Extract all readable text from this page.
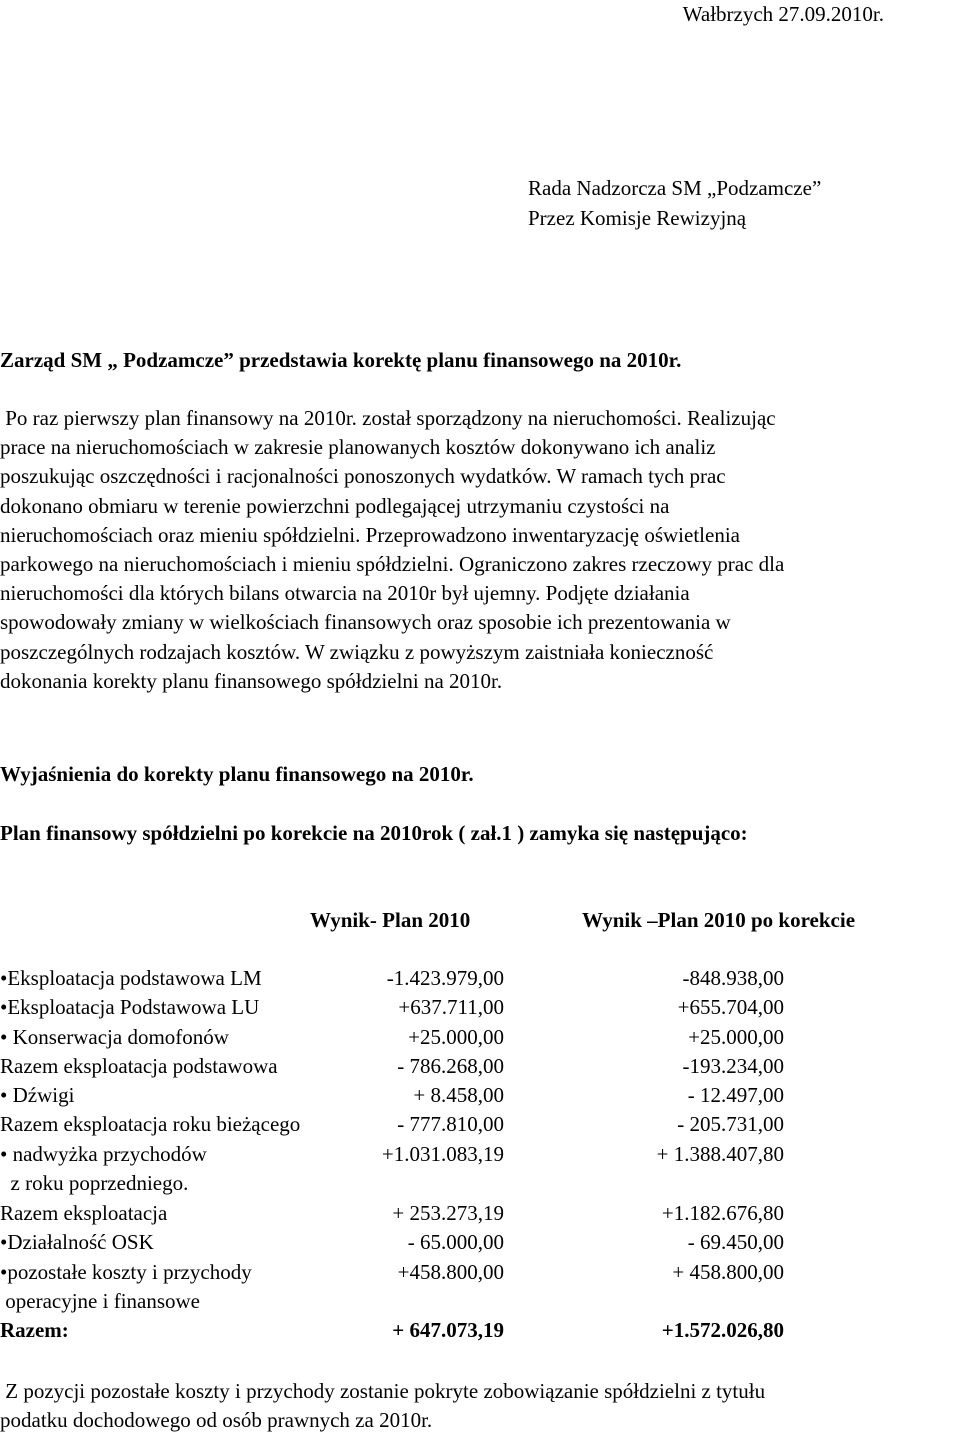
Wałbrzych 27.09.2010r.
Rada Nadzorcza SM „Podzamcze”
Przez Komisje Rewizyjną
Zarząd SM „ Podzamcze” przedstawia korektę planu finansowego na 2010r.
Po raz pierwszy plan finansowy na 2010r. został sporządzony na nieruchomości. Realizując
prace na nieruchomościach w zakresie planowanych kosztów dokonywano ich analiz
poszukując oszczędności i racjonalności ponoszonych wydatków. W ramach tych prac
dokonano obmiaru w terenie powierzchni podlegającej utrzymaniu czystości na
nieruchomościach oraz mieniu spółdzielni. Przeprowadzono inwentaryzację oświetlenia
parkowego na nieruchomościach i mieniu spółdzielni. Ograniczono zakres rzeczowy prac dla
nieruchomości dla których bilans otwarcia na 2010r był ujemny. Podjęte działania
spowodowały zmiany w wielkościach finansowych oraz sposobie ich prezentowania w
poszczególnych rodzajach kosztów. W związku z powyższym zaistniała konieczność
dokonania korekty planu finansowego spółdzielni na 2010r.
Wyjaśnienia do korekty planu finansowego na 2010r.
Plan finansowy spółdzielni po korekcie na 2010rok ( zał.1 ) zamyka się następująco:
Wynik- Plan 2010	Wynik –Plan 2010 po korekcie
•Eksploatacja podstawowa LM	-1.423.979,00	-848.938,00
•Eksploatacja Podstawowa LU	+637.711,00	+655.704,00
• Konserwacja domofonów	+25.000,00	+25.000,00
Razem eksploatacja podstawowa	- 786.268,00	-193.234,00
• Dźwigi	+ 8.458,00	- 12.497,00
Razem eksploatacja roku bieżącego	- 777.810,00	- 205.731,00
• nadwyżka przychodów	+1.031.083,19	+ 1.388.407,80
z roku poprzedniego.
Razem eksploatacja	+ 253.273,19	+1.182.676,80
•Działalność OSK	- 65.000,00	- 69.450,00
•pozostałe koszty i przychody	+458.800,00	+ 458.800,00
operacyjne i finansowe
Razem:	+ 647.073,19	+1.572.026,80
Z pozycji pozostałe koszty i przychody zostanie pokryte zobowiązanie spółdzielni z tytułu
podatku dochodowego od osób prawnych za 2010r.
